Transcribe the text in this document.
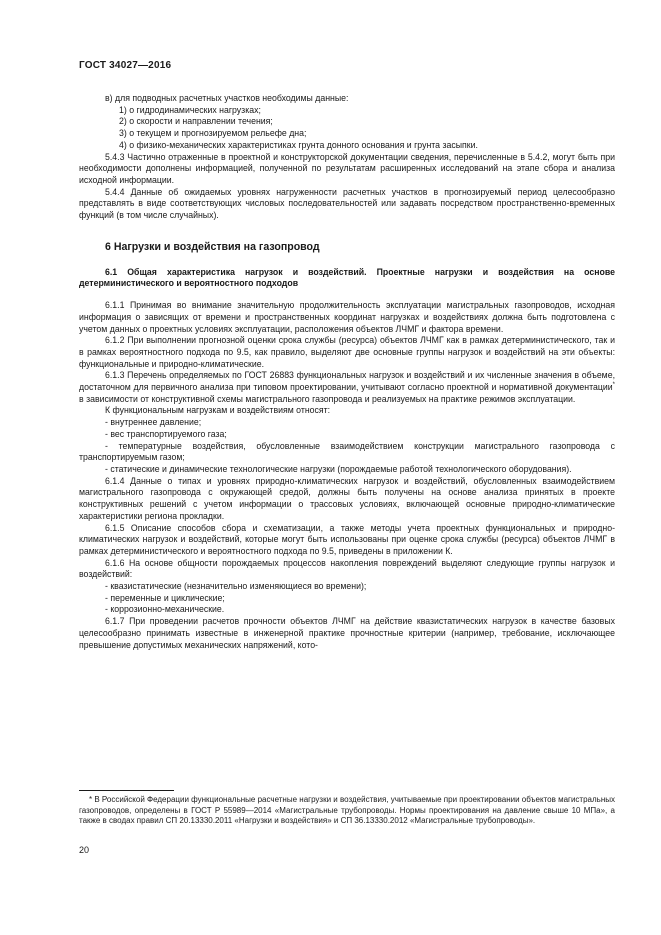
ГОСТ 34027—2016

в) для подводных расчетных участков необходимы данные:

1) о гидродинамических нагрузках;

2) о скорости и направлении течения;

3) о текущем и прогнозируемом рельефе дна;

4) о физико-механических характеристиках грунта донного основания и грунта засыпки.

5.4.3 Частично отраженные в проектной и конструкторской документации сведения, перечисленные в 5.4.2, могут быть при необходимости дополнены информацией, полученной по результатам расширенных исследований на этапе сбора и анализа исходной информации.

5.4.4 Данные об ожидаемых уровнях нагруженности расчетных участков в прогнозируемый период целесообразно представлять в виде соответствующих числовых последовательностей или задавать посредством пространственно-временных функций (в том числе случайных).

6 Нагрузки и воздействия на газопровод

6.1 Общая характеристика нагрузок и воздействий. Проектные нагрузки и воздействия на основе детерминистического и вероятностного подходов

6.1.1 Принимая во внимание значительную продолжительность эксплуатации магистральных газопроводов, исходная информация о зависящих от времени и пространственных координат нагрузках и воздействиях должна быть подготовлена с учетом данных о проектных условиях эксплуатации, расположения объектов ЛЧМГ и фактора времени.

6.1.2 При выполнении прогнозной оценки срока службы (ресурса) объектов ЛЧМГ как в рамках детерминистического, так и в рамках вероятностного подхода по 9.5, как правило, выделяют две основные группы нагрузок и воздействий на эти объекты: функциональные и природно-климатические.

6.1.3 Перечень определяемых по ГОСТ 26883 функциональных нагрузок и воздействий и их численные значения в объеме, достаточном для первичного анализа при типовом проектировании, учитывают согласно проектной и нормативной документации* в зависимости от конструктивной схемы магистрального газопровода и реализуемых на практике режимов эксплуатации.

К функциональным нагрузкам и воздействиям относят:

- внутреннее давление;

- вес транспортируемого газа;

- температурные воздействия, обусловленные взаимодействием конструкции магистрального газопровода с транспортируемым газом;

- статические и динамические технологические нагрузки (порождаемые работой технологического оборудования).

6.1.4 Данные о типах и уровнях природно-климатических нагрузок и воздействий, обусловленных взаимодействием магистрального газопровода с окружающей средой, должны быть получены на основе анализа принятых в проекте конструктивных решений с учетом информации о трассовых условиях, включающей основные природно-климатические характеристики региона прокладки.

6.1.5 Описание способов сбора и схематизации, а также методы учета проектных функциональных и природно-климатических нагрузок и воздействий, которые могут быть использованы при оценке срока службы (ресурса) объектов ЛЧМГ в рамках детерминистического и вероятностного подхода по 9.5, приведены в приложении К.

6.1.6 На основе общности порождаемых процессов накопления повреждений выделяют следующие группы нагрузок и воздействий:

- квазистатические (незначительно изменяющиеся во времени);

- переменные и циклические;

- коррозионно-механические.

6.1.7 При проведении расчетов прочности объектов ЛЧМГ на действие квазистатических нагрузок в качестве базовых целесообразно принимать известные в инженерной практике прочностные критерии (например, требование, исключающее превышение допустимых механических напряжений, кото-

* В Российской Федерации функциональные расчетные нагрузки и воздействия, учитываемые при проектировании объектов магистральных газопроводов, определены в ГОСТ Р 55989—2014 «Магистральные трубопроводы. Нормы проектирования на давление свыше 10 МПа», а также в сводах правил СП 20.13330.2011 «Нагрузки и воздействия» и СП 36.13330.2012 «Магистральные трубопроводы».

20
